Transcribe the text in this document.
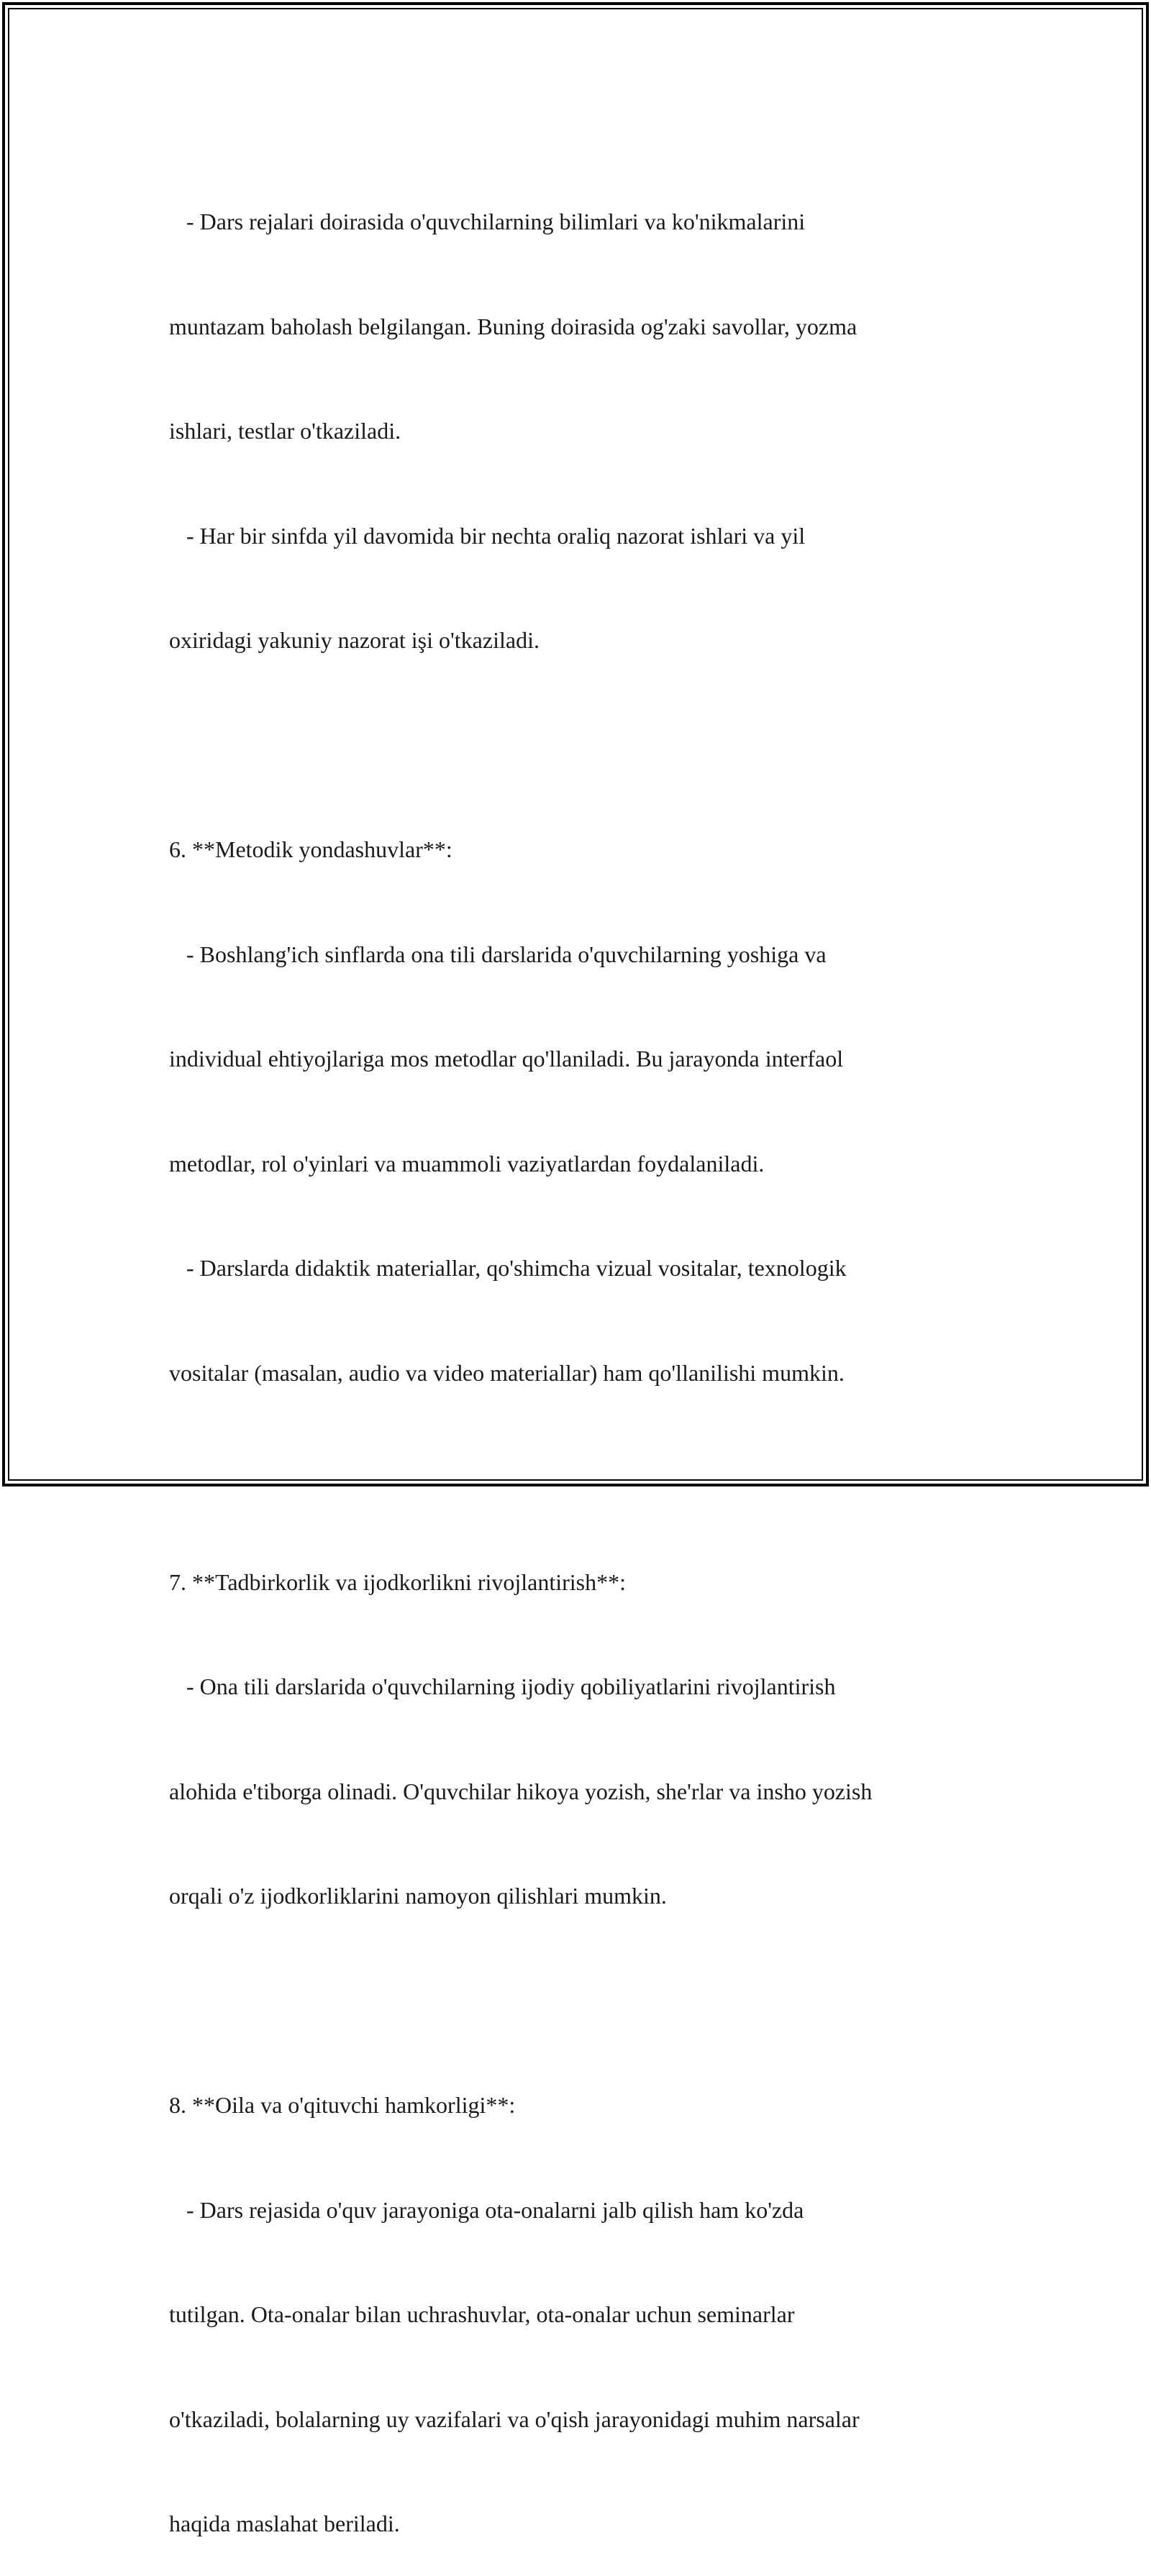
- Dars rejalari doirasida o'quvchilarning bilimlari va ko'nikmalarini

muntazam baholash belgilangan. Buning doirasida og'zaki savollar, yozma

ishlari, testlar o'tkaziladi.

- Har bir sinfda yil davomida bir nechta oraliq nazorat ishlari va yil

oxiridagi yakuniy nazorat işi o'tkaziladi.

6. **Metodik yondashuvlar**:

- Boshlang'ich sinflarda ona tili darslarida o'quvchilarning yoshiga va

individual ehtiyojlariga mos metodlar qo'llaniladi. Bu jarayonda interfaol

metodlar, rol o'yinlari va muammoli vaziyatlardan foydalaniladi.

- Darslarda didaktik materiallar, qo'shimcha vizual vositalar, texnologik

vositalar (masalan, audio va video materiallar) ham qo'llanilishi mumkin.

7. **Tadbirkorlik va ijodkorlikni rivojlantirish**:

- Ona tili darslarida o'quvchilarning ijodiy qobiliyatlarini rivojlantirish

alohida e'tiborga olinadi. O'quvchilar hikoya yozish, she'rlar va insho yozish

orqali o'z ijodkorliklarini namoyon qilishlari mumkin.

8. **Oila va o'qituvchi hamkorligi**:

- Dars rejasida o'quv jarayoniga ota-onalarni jalb qilish ham ko'zda

tutilgan. Ota-onalar bilan uchrashuvlar, ota-onalar uchun seminarlar

o'tkaziladi, bolalarning uy vazifalari va o'qish jarayonidagi muhim narsalar

haqida maslahat beriladi.
